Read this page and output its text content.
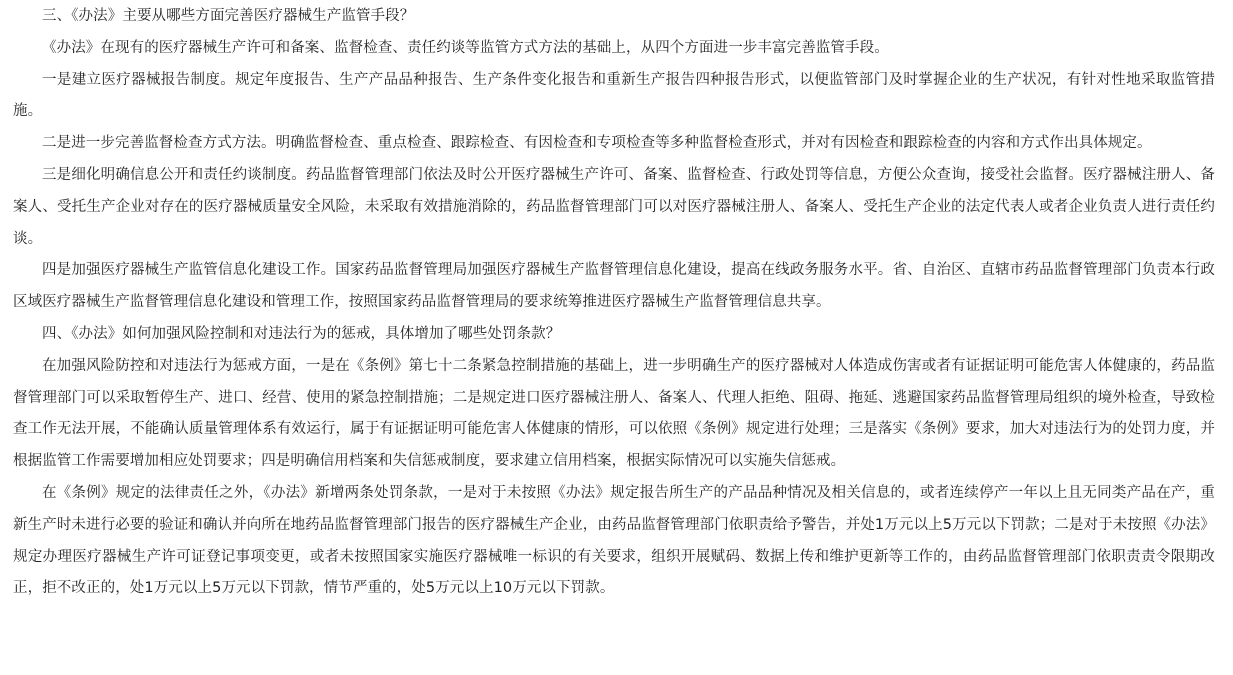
三、《办法》主要从哪些方面完善医疗器械生产监管手段？

《办法》在现有的医疗器械生产许可和备案、监督检查、责任约谈等监管方式方法的基础上，从四个方面进一步丰富完善监管手段。

一是建立医疗器械报告制度。规定年度报告、生产产品品种报告、生产条件变化报告和重新生产报告四种报告形式，以便监管部门及时掌握企业的生产状况，有针对性地采取监管措施。

二是进一步完善监督检查方式方法。明确监督检查、重点检查、跟踪检查、有因检查和专项检查等多种监督检查形式，并对有因检查和跟踪检查的内容和方式作出具体规定。

三是细化明确信息公开和责任约谈制度。药品监督管理部门依法及时公开医疗器械生产许可、备案、监督检查、行政处罚等信息，方便公众查询，接受社会监督。医疗器械注册人、备案人、受托生产企业对存在的医疗器械质量安全风险，未采取有效措施消除的，药品监督管理部门可以对医疗器械注册人、备案人、受托生产企业的法定代表人或者企业负责人进行责任约谈。

四是加强医疗器械生产监管信息化建设工作。国家药品监督管理局加强医疗器械生产监督管理信息化建设，提高在线政务服务水平。省、自治区、直辖市药品监督管理部门负责本行政区域医疗器械生产监督管理信息化建设和管理工作，按照国家药品监督管理局的要求统筹推进医疗器械生产监督管理信息共享。

四、《办法》如何加强风险控制和对违法行为的惩戒，具体增加了哪些处罚条款？

在加强风险防控和对违法行为惩戒方面，一是在《条例》第七十二条紧急控制措施的基础上，进一步明确生产的医疗器械对人体造成伤害或者有证据证明可能危害人体健康的，药品监督管理部门可以采取暂停生产、进口、经营、使用的紧急控制措施；二是规定进口医疗器械注册人、备案人、代理人拒绝、阻碍、拖延、逃避国家药品监督管理局组织的境外检查，导致检查工作无法开展，不能确认质量管理体系有效运行，属于有证据证明可能危害人体健康的情形，可以依照《条例》规定进行处理；三是落实《条例》要求，加大对违法行为的处罚力度，并根据监管工作需要增加相应处罚要求；四是明确信用档案和失信惩戒制度，要求建立信用档案，根据实际情况可以实施失信惩戒。

在《条例》规定的法律责任之外，《办法》新增两条处罚条款，一是对于未按照《办法》规定报告所生产的产品品种情况及相关信息的，或者连续停产一年以上且无同类产品在产，重新生产时未进行必要的验证和确认并向所在地药品监督管理部门报告的医疗器械生产企业，由药品监督管理部门依职责给予警告，并处1万元以上5万元以下罚款；二是对于未按照《办法》规定办理医疗器械生产许可证登记事项变更，或者未按照国家实施医疗器械唯一标识的有关要求，组织开展赋码、数据上传和维护更新等工作的，由药品监督管理部门依职责责令限期改正，拒不改正的，处1万元以上5万元以下罚款，情节严重的，处5万元以上10万元以下罚款。
